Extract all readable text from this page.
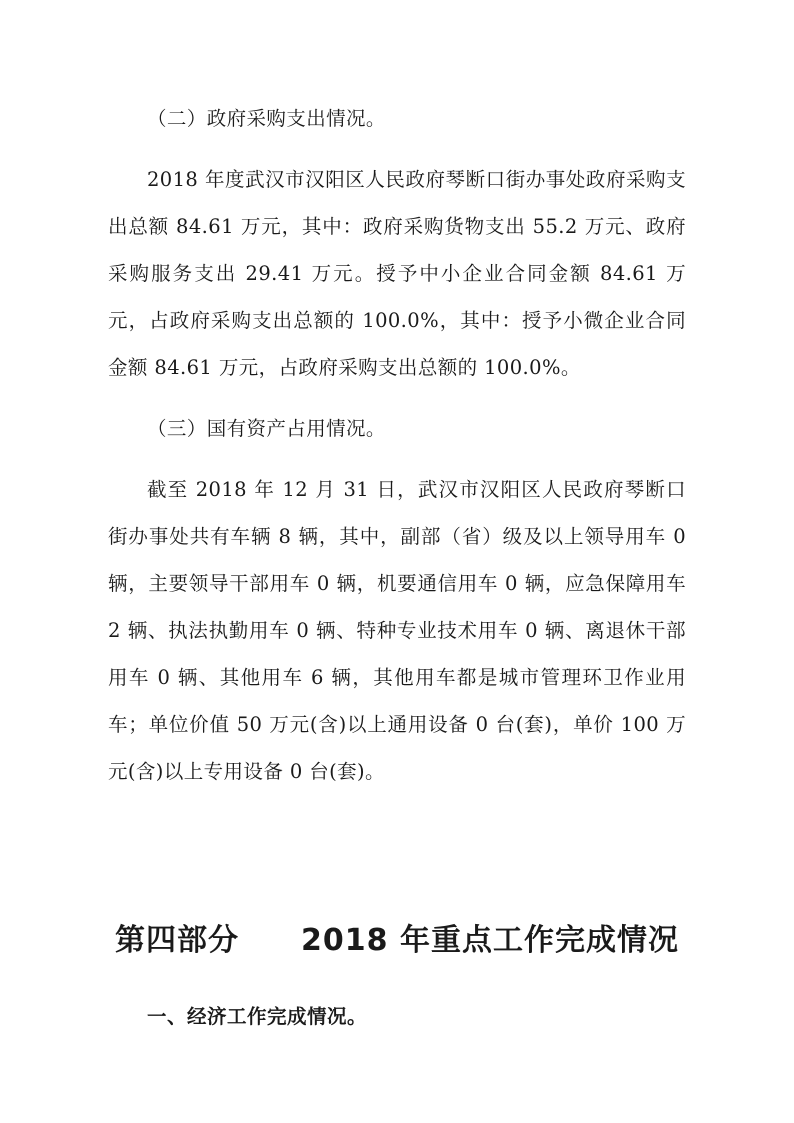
（二）政府采购支出情况。

2018 年度武汉市汉阳区人民政府琴断口街办事处政府采购支出总额 84.61 万元，其中：政府采购货物支出 55.2 万元、政府采购服务支出 29.41 万元。授予中小企业合同金额 84.61 万元，占政府采购支出总额的 100.0%，其中：授予小微企业合同金额 84.61 万元，占政府采购支出总额的 100.0%。

（三）国有资产占用情况。

截至 2018 年 12 月 31 日，武汉市汉阳区人民政府琴断口街办事处共有车辆 8 辆，其中，副部（省）级及以上领导用车 0 辆，主要领导干部用车 0 辆，机要通信用车 0 辆，应急保障用车 2 辆、执法执勤用车 0 辆、特种专业技术用车 0 辆、离退休干部用车 0 辆、其他用车 6 辆，其他用车都是城市管理环卫作业用车；单位价值 50 万元(含)以上通用设备 0 台(套)，单价 100 万元(含)以上专用设备 0 台(套)。

第四部分　　2018 年重点工作完成情况

一、经济工作完成情况。
